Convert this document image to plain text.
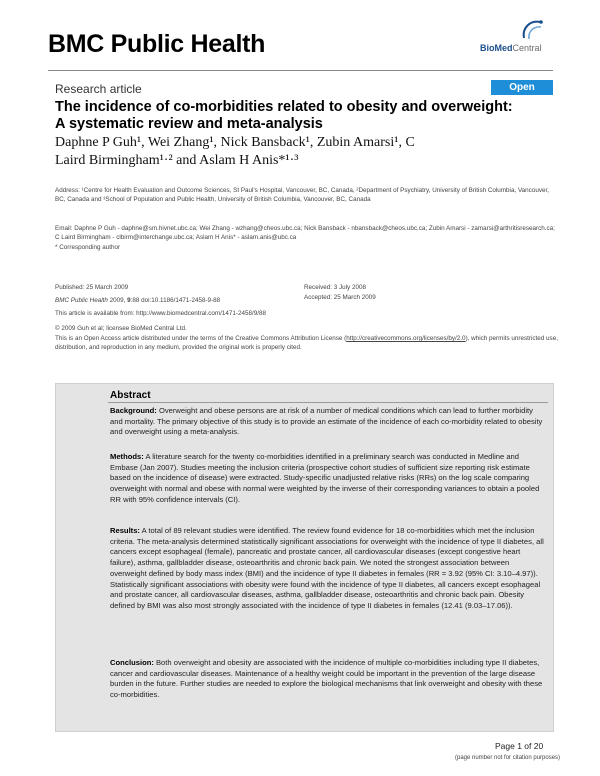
BMC Public Health	BioMedCentral
Research article	Open Access
The incidence of co-morbidities related to obesity and overweight:
A systematic review and meta-analysis
Daphne P Guh¹, Wei Zhang¹, Nick Bansback¹, Zubin Amarsi¹, C
Laird Birmingham¹·² and Aslam H Anis*¹·³
Address: ¹Centre for Health Evaluation and Outcome Sciences, St Paul's Hospital, Vancouver, BC, Canada, ²Department of Psychiatry, University of British Columbia, Vancouver, BC, Canada and ³School of Population and Public Health, University of British Columbia, Vancouver, BC, Canada
Email: Daphne P Guh - daphne@sm.hivnet.ubc.ca; Wei Zhang - wzhang@cheos.ubc.ca; Nick Bansback - nbansback@cheos.ubc.ca; Zubin Amarsi - zamarsi@arthritisresearch.ca; C Laird Birmingham - clbirm@interchange.ubc.ca; Aslam H Anis* - aslam.anis@ubc.ca
* Corresponding author
Published: 25 March 2009	Received: 3 July 2008
Accepted: 25 March 2009
BMC Public Health 2009, 9:88 doi:10.1186/1471-2458-9-88
This article is available from: http://www.biomedcentral.com/1471-2458/9/88
© 2009 Guh et al; licensee BioMed Central Ltd.
This is an Open Access article distributed under the terms of the Creative Commons Attribution License (http://creativecommons.org/licenses/by/2.0), which permits unrestricted use, distribution, and reproduction in any medium, provided the original work is properly cited.
Abstract
Background: Overweight and obese persons are at risk of a number of medical conditions which can lead to further morbidity and mortality. The primary objective of this study is to provide an estimate of the incidence of each co-morbidity related to obesity and overweight using a meta-analysis.
Methods: A literature search for the twenty co-morbidities identified in a preliminary search was conducted in Medline and Embase (Jan 2007). Studies meeting the inclusion criteria (prospective cohort studies of sufficient size reporting risk estimate based on the incidence of disease) were extracted. Study-specific unadjusted relative risks (RRs) on the log scale comparing overweight with normal and obese with normal were weighted by the inverse of their corresponding variances to obtain a pooled RR with 95% confidence intervals (CI).
Results: A total of 89 relevant studies were identified. The review found evidence for 18 co-morbidities which met the inclusion criteria. The meta-analysis determined statistically significant associations for overweight with the incidence of type II diabetes, all cancers except esophageal (female), pancreatic and prostate cancer, all cardiovascular diseases (except congestive heart failure), asthma, gallbladder disease, osteoarthritis and chronic back pain. We noted the strongest association between overweight defined by body mass index (BMI) and the incidence of type II diabetes in females (RR = 3.92 (95% CI: 3.10–4.97)). Statistically significant associations with obesity were found with the incidence of type II diabetes, all cancers except esophageal and prostate cancer, all cardiovascular diseases, asthma, gallbladder disease, osteoarthritis and chronic back pain. Obesity defined by BMI was also most strongly associated with the incidence of type II diabetes in females (12.41 (9.03–17.06)).
Conclusion: Both overweight and obesity are associated with the incidence of multiple co-morbidities including type II diabetes, cancer and cardiovascular diseases. Maintenance of a healthy weight could be important in the prevention of the large disease burden in the future. Further studies are needed to explore the biological mechanisms that link overweight and obesity with these co-morbidities.
Page 1 of 20
(page number not for citation purposes)
